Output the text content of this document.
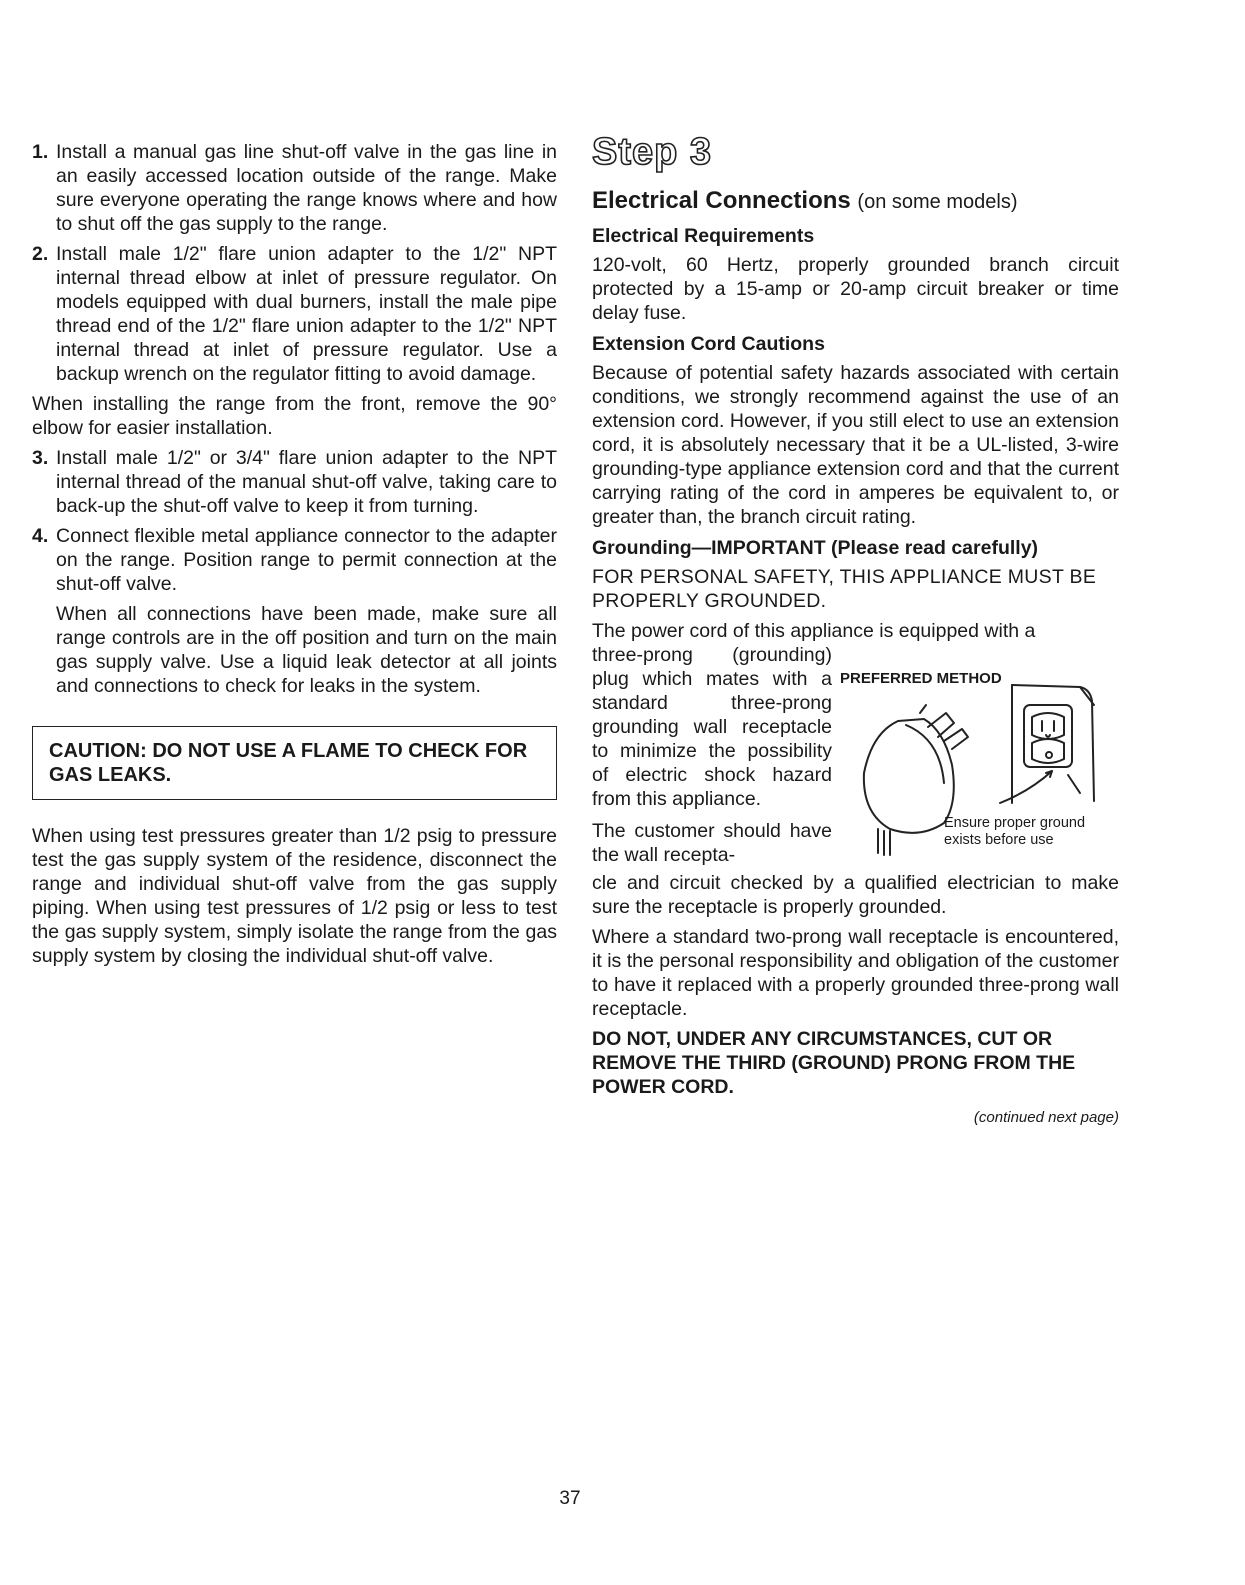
1. Install a manual gas line shut-off valve in the gas line in an easily accessed location outside of the range. Make sure everyone operating the range knows where and how to shut off the gas supply to the range.
2. Install male 1/2" flare union adapter to the 1/2" NPT internal thread elbow at inlet of pressure regulator. On models equipped with dual burners, install the male pipe thread end of the 1/2" flare union adapter to the 1/2" NPT internal thread at inlet of pressure regulator. Use a backup wrench on the regulator fitting to avoid damage.

When installing the range from the front, remove the 90° elbow for easier installation.

3. Install male 1/2" or 3/4" flare union adapter to the NPT internal thread of the manual shut-off valve, taking care to back-up the shut-off valve to keep it from turning.
4. Connect flexible metal appliance connector to the adapter on the range. Position range to permit connection at the shut-off valve.

When all connections have been made, make sure all range controls are in the off position and turn on the main gas supply valve. Use a liquid leak detector at all joints and connections to check for leaks in the system.

CAUTION: DO NOT USE A FLAME TO CHECK FOR GAS LEAKS.

When using test pressures greater than 1/2 psig to pressure test the gas supply system of the residence, disconnect the range and individual shut-off valve from the gas supply piping. When using test pressures of 1/2 psig or less to test the gas supply system, simply isolate the range from the gas supply system by closing the individual shut-off valve.

Step 3
Electrical Connections (on some models)
Electrical Requirements

120-volt, 60 Hertz, properly grounded branch circuit protected by a 15-amp or 20-amp circuit breaker or time delay fuse.

Extension Cord Cautions

Because of potential safety hazards associated with certain conditions, we strongly recommend against the use of an extension cord. However, if you still elect to use an extension cord, it is absolutely necessary that it be a UL-listed, 3-wire grounding-type appliance extension cord and that the current carrying rating of the cord in amperes be equivalent to, or greater than, the branch circuit rating.

Grounding—IMPORTANT (Please read carefully)

FOR PERSONAL SAFETY, THIS APPLIANCE MUST BE PROPERLY GROUNDED.

The power cord of this appliance is equipped with a

three-prong (grounding) plug which mates with a standard three-prong grounding wall receptacle to minimize the possibility of electric shock hazard from this appliance.

The customer should have the wall recepta-

PREFERRED METHOD
Ensure proper ground exists before use

cle and circuit checked by a qualified electrician to make sure the receptacle is properly grounded.

Where a standard two-prong wall receptacle is encountered, it is the personal responsibility and obligation of the customer to have it replaced with a properly grounded three-prong wall receptacle.

DO NOT, UNDER ANY CIRCUMSTANCES, CUT OR REMOVE THE THIRD (GROUND) PRONG FROM THE POWER CORD.

(continued next page)

37
